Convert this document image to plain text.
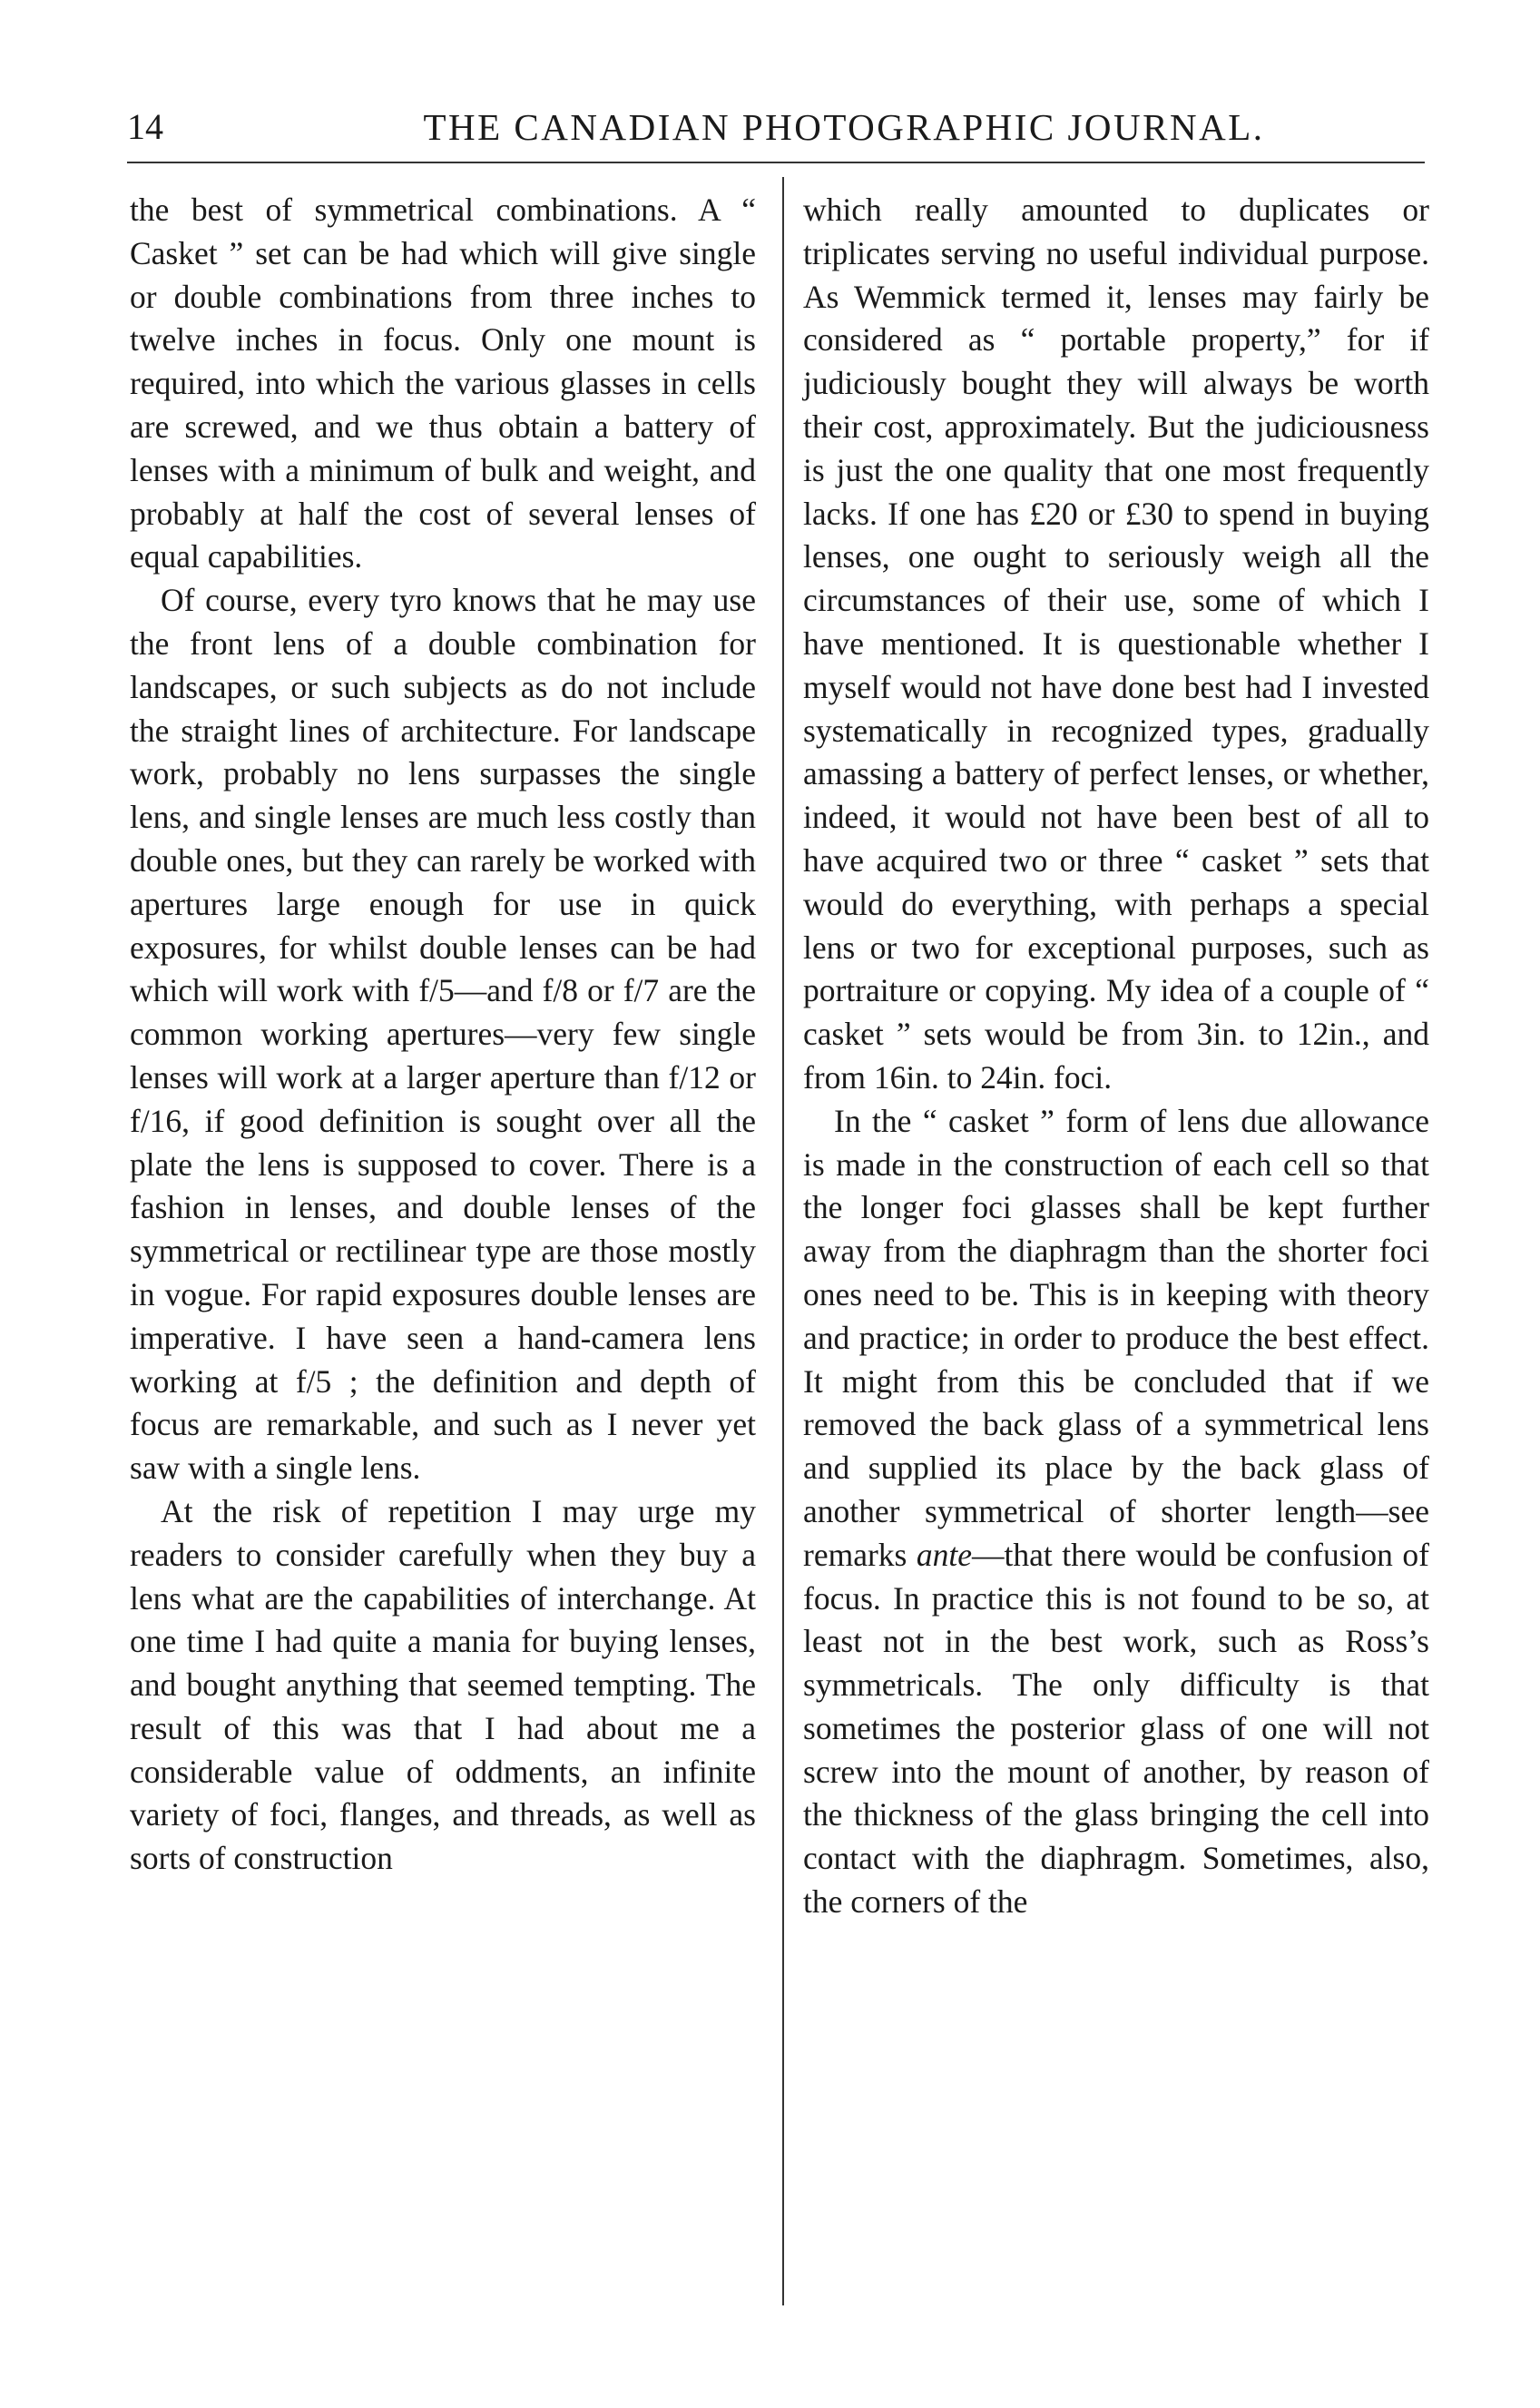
14	THE CANADIAN PHOTOGRAPHIC JOURNAL.

the best of symmetrical combinations. A “ Casket ” set can be had which will give single or double combinations from three inches to twelve inches in focus. Only one mount is required, into which the various glasses in cells are screwed, and we thus obtain a battery of lenses with a minimum of bulk and weight, and probably at half the cost of several lenses of equal capabilities.

Of course, every tyro knows that he may use the front lens of a double combination for landscapes, or such subjects as do not include the straight lines of architecture. For landscape work, probably no lens surpasses the single lens, and single lenses are much less costly than double ones, but they can rarely be worked with apertures large enough for use in quick exposures, for whilst double lenses can be had which will work with f/5—and f/8 or f/7 are the common working apertures—very few single lenses will work at a larger aperture than f/12 or f/16, if good definition is sought over all the plate the lens is supposed to cover. There is a fashion in lenses, and double lenses of the symmetrical or rectilinear type are those mostly in vogue. For rapid exposures double lenses are imperative. I have seen a hand-camera lens working at f/5 ; the definition and depth of focus are remarkable, and such as I never yet saw with a single lens.

At the risk of repetition I may urge my readers to consider carefully when they buy a lens what are the capabilities of interchange. At one time I had quite a mania for buying lenses, and bought anything that seemed tempting. The result of this was that I had about me a considerable value of oddments, an infinite variety of foci, flanges, and threads, as well as sorts of construction

which really amounted to duplicates or triplicates serving no useful individual purpose. As Wemmick termed it, lenses may fairly be considered as “ portable property,” for if judiciously bought they will always be worth their cost, approximately. But the judiciousness is just the one quality that one most frequently lacks. If one has £20 or £30 to spend in buying lenses, one ought to seriously weigh all the circumstances of their use, some of which I have mentioned. It is questionable whether I myself would not have done best had I invested systematically in recognized types, gradually amassing a battery of perfect lenses, or whether, indeed, it would not have been best of all to have acquired two or three “ casket ” sets that would do everything, with perhaps a special lens or two for exceptional purposes, such as portraiture or copying. My idea of a couple of “ casket ” sets would be from 3in. to 12in., and from 16in. to 24in. foci.

In the “ casket ” form of lens due allowance is made in the construction of each cell so that the longer foci glasses shall be kept further away from the diaphragm than the shorter foci ones need to be. This is in keeping with theory and practice; in order to produce the best effect. It might from this be concluded that if we removed the back glass of a symmetrical lens and supplied its place by the back glass of another symmetrical of shorter length—see remarks ante—that there would be confusion of focus. In practice this is not found to be so, at least not in the best work, such as Ross’s symmetricals. The only difficulty is that sometimes the posterior glass of one will not screw into the mount of another, by reason of the thickness of the glass bringing the cell into contact with the diaphragm. Sometimes, also, the corners of the
